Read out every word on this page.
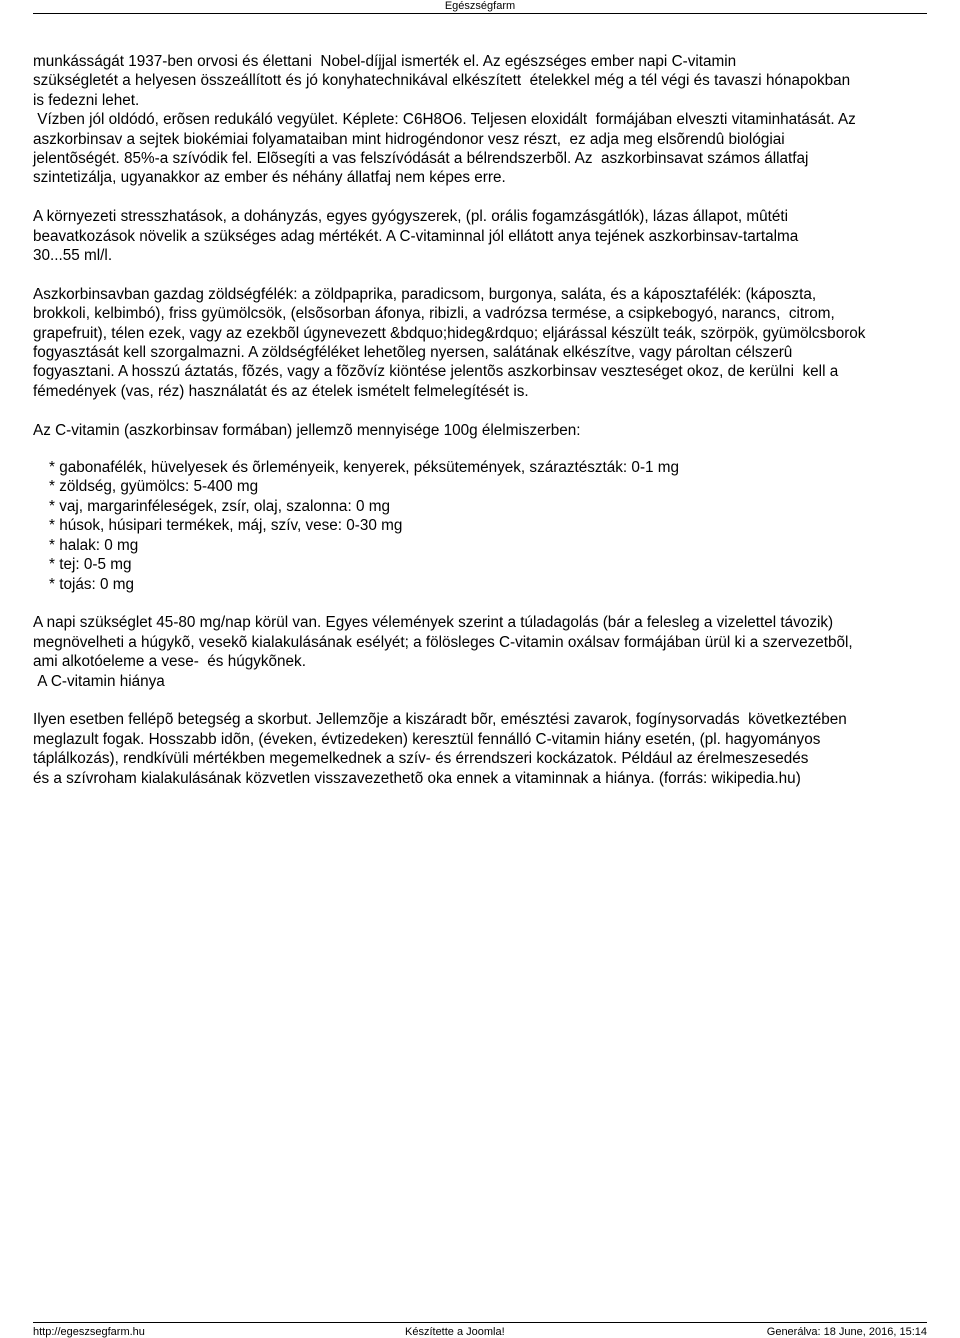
Egészségfarm

munkásságát 1937-ben orvosi és élettani  Nobel-díjjal ismerték el. Az egészséges ember napi C-vitamin
szükségletét a helyesen összeállított és jó konyhatechnikával elkészített  ételekkel még a tél végi és tavaszi hónapokban
is fedezni lehet.

Vízben jól oldódó, erõsen redukáló vegyület. Képlete: C6H8O6. Teljesen eloxidált  formájában elveszti vitaminhatását. Az
aszkorbinsav a sejtek biokémiai folyamataiban mint hidrogéndonor vesz részt,  ez adja meg elsõrendû biológiai
jelentõségét. 85%-a szívódik fel. Elõsegíti a vas felszívódását a bélrendszerbõl. Az  aszkorbinsavat számos állatfaj
szintetizálja, ugyanakkor az ember és néhány állatfaj nem képes erre.

A környezeti stresszhatások, a dohányzás, egyes gyógyszerek, (pl. orális fogamzásgátlók), lázas állapot, mûtéti
beavatkozások növelik a szükséges adag mértékét. A C-vitaminnal jól ellátott anya tejének aszkorbinsav-tartalma
30...55 ml/l.

Aszkorbinsavban gazdag zöldségfélék: a zöldpaprika, paradicsom, burgonya, saláta, és a káposztafélék: (káposzta,
brokkoli, kelbimbó), friss gyümölcsök, (elsõsorban áfonya, ribizli, a vadrózsa termése, a csipkebogyó, narancs,  citrom,
grapefruit), télen ezek, vagy az ezekbõl úgynevezett &bdquo;hideg&rdquo; eljárással készült teák, szörpök, gyümölcsborok
fogyasztását kell szorgalmazni. A zöldségféléket lehetõleg nyersen, salátának elkészítve, vagy pároltan célszerû
fogyasztani. A hosszú áztatás, fõzés, vagy a fõzõvíz kiöntése jelentõs aszkorbinsav veszteséget okoz, de kerülni  kell a
fémedények (vas, réz) használatát és az ételek ismételt felmelegítését is.

Az C-vitamin (aszkorbinsav formában) jellemzõ mennyisége 100g élelmiszerben:

* gabonafélék, hüvelyesek és õrleményeik, kenyerek, péksütemények, száraztészták: 0-1 mg
* zöldség, gyümölcs: 5-400 mg
* vaj, margarinféleségek, zsír, olaj, szalonna: 0 mg
* húsok, húsipari termékek, máj, szív, vese: 0-30 mg
* halak: 0 mg
* tej: 0-5 mg
* tojás: 0 mg

A napi szükséglet 45-80 mg/nap körül van. Egyes vélemények szerint a túladagolás (bár a felesleg a vizelettel távozik)
megnövelheti a húgykõ, vesekõ kialakulásának esélyét; a fölösleges C-vitamin oxálsav formájában ürül ki a szervezetbõl,
ami alkotóeleme a vese-  és húgykõnek.

A C-vitamin hiánya

Ilyen esetben fellépõ betegség a skorbut. Jellemzõje a kiszáradt bõr, emésztési zavarok, fogínysorvadás  következtében
meglazult fogak. Hosszabb idõn, (éveken, évtizedeken) keresztül fennálló C-vitamin hiány esetén, (pl. hagyományos
táplálkozás), rendkívüli mértékben megemelkednek a szív- és érrendszeri kockázatok. Például az érelmeszesedés
és a szívroham kialakulásának közvetlen visszavezethetõ oka ennek a vitaminnak a hiánya. (forrás: wikipedia.hu)

http://egeszsegfarm.hu	Készítette a Joomla!	Generálva: 18 June, 2016, 15:14
